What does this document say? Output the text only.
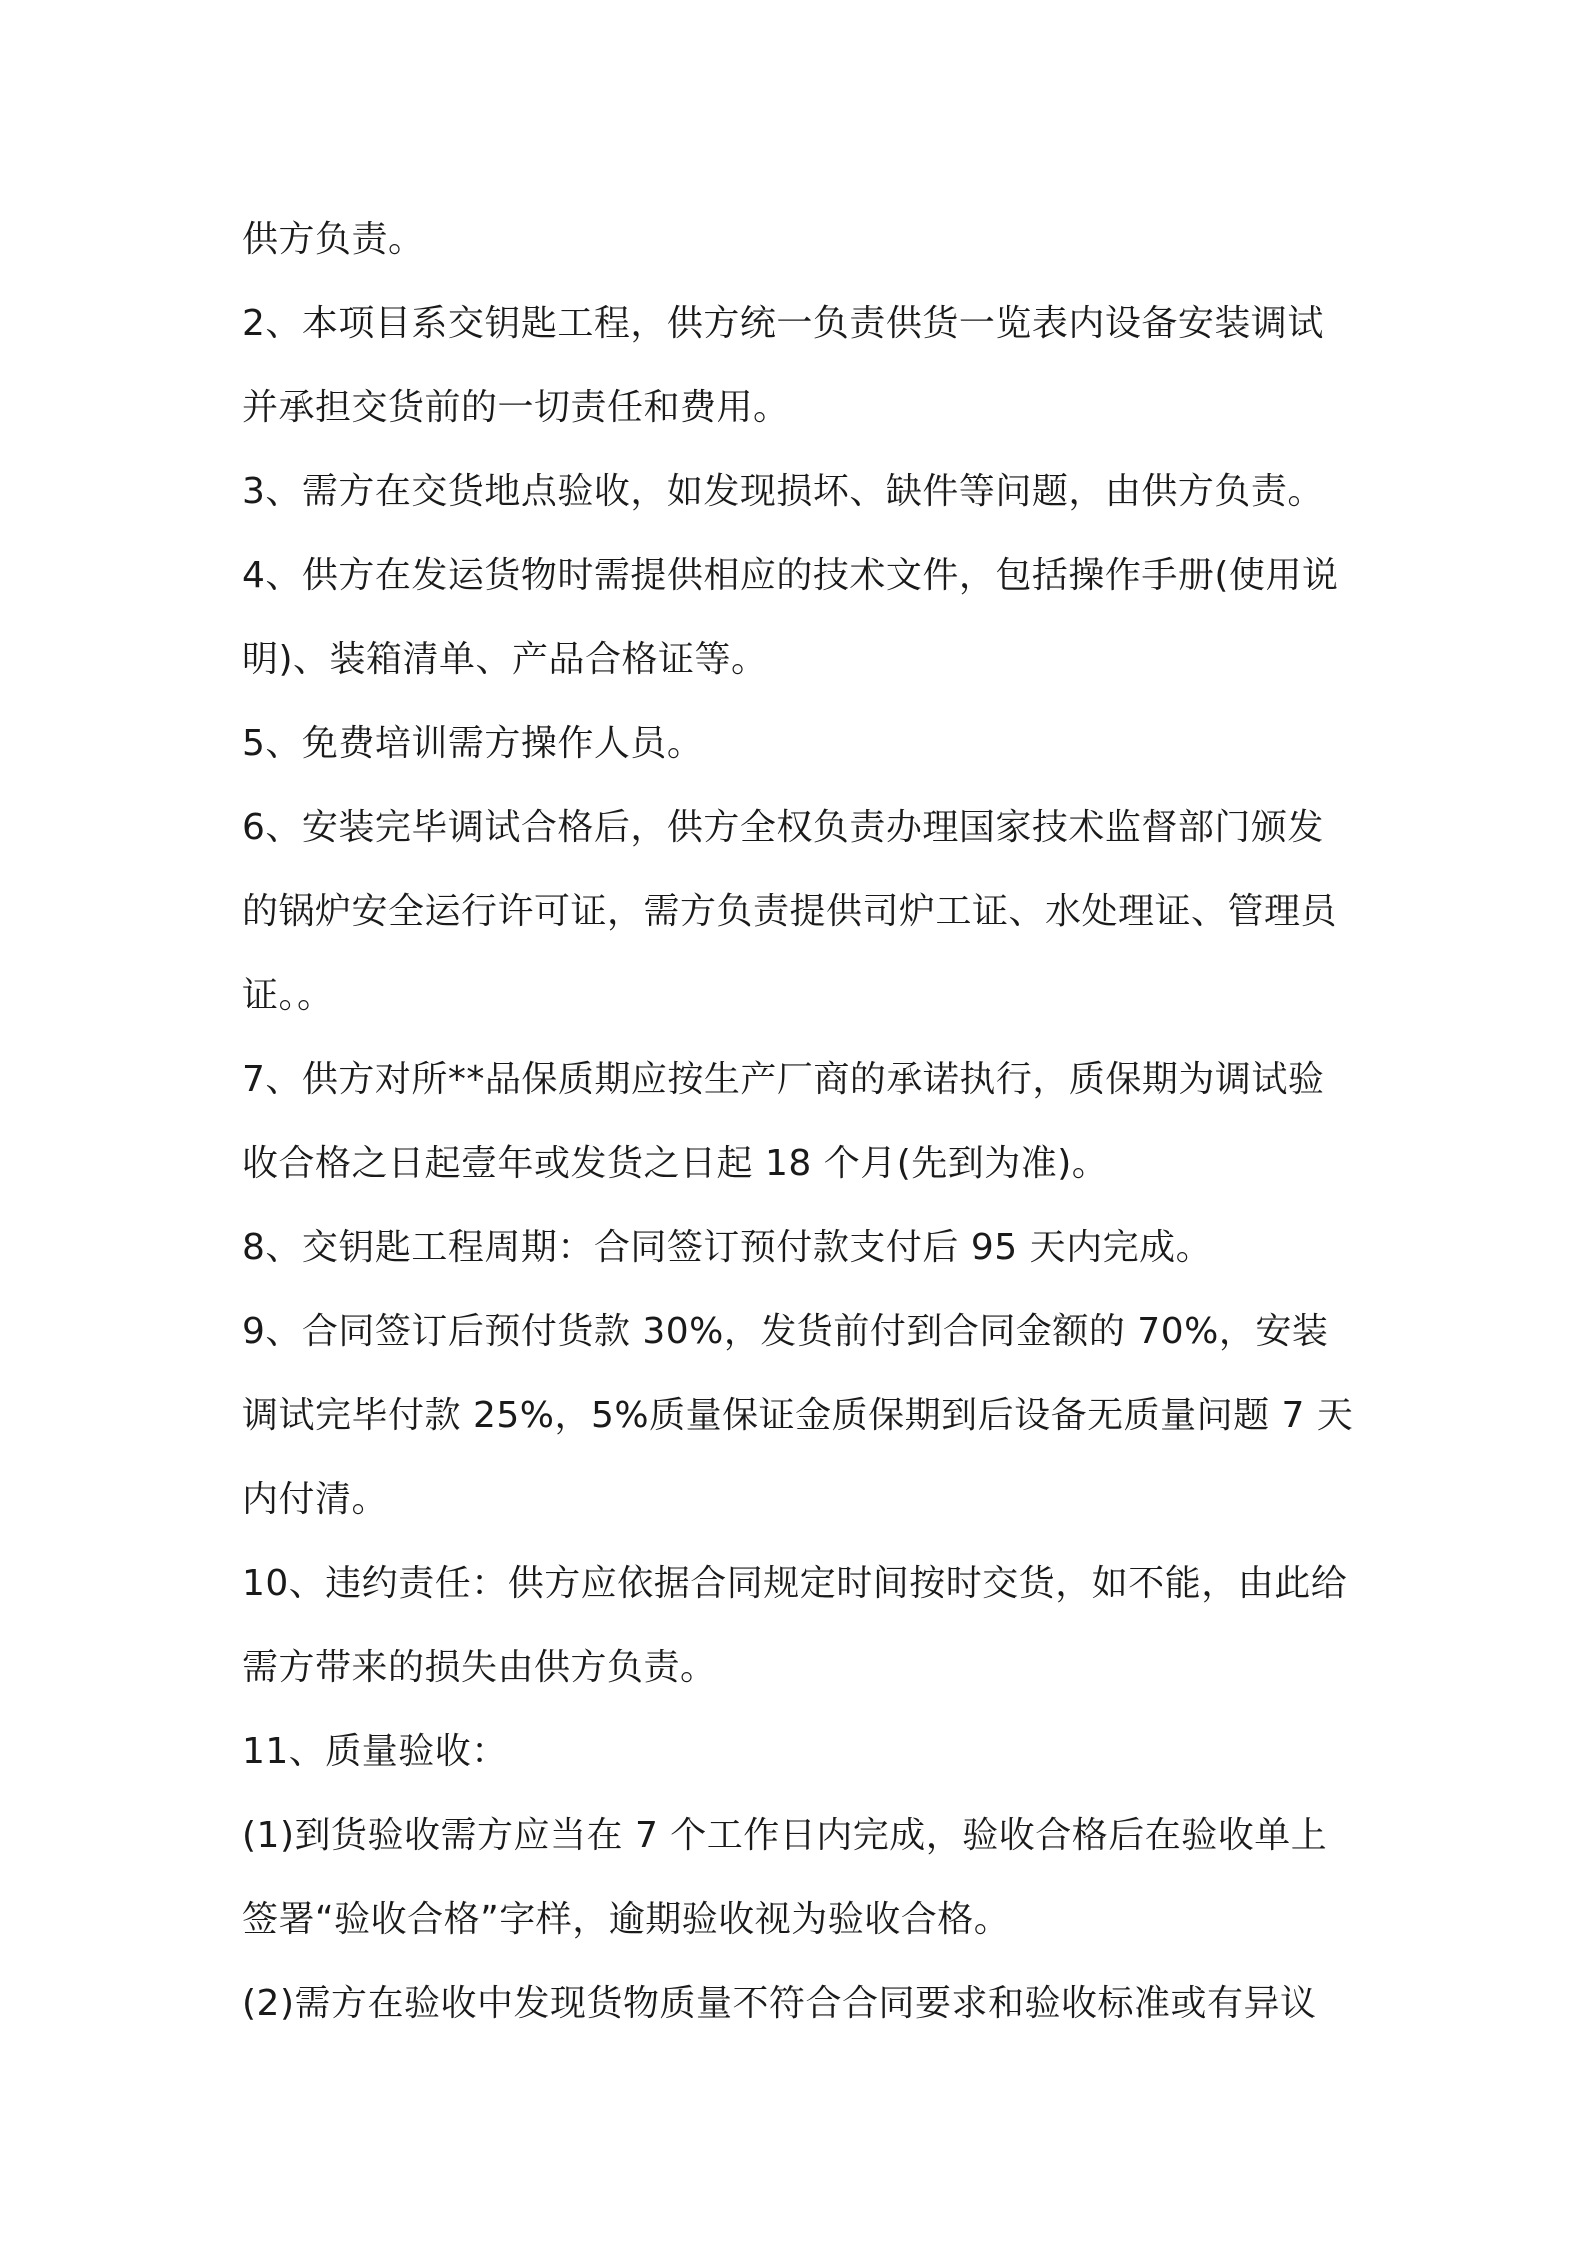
供方负责。
2、本项目系交钥匙工程，供方统一负责供货一览表内设备安装调试
并承担交货前的一切责任和费用。
3、需方在交货地点验收，如发现损坏、缺件等问题，由供方负责。
4、供方在发运货物时需提供相应的技术文件，包括操作手册(使用说
明)、装箱清单、产品合格证等。
5、免费培训需方操作人员。
6、安装完毕调试合格后，供方全权负责办理国家技术监督部门颁发
的锅炉安全运行许可证，需方负责提供司炉工证、水处理证、管理员
证。。
7、供方对所**品保质期应按生产厂商的承诺执行，质保期为调试验
收合格之日起壹年或发货之日起 18 个月(先到为准)。
8、交钥匙工程周期：合同签订预付款支付后 95 天内完成。
9、合同签订后预付货款 30%，发货前付到合同金额的 70%，安装
调试完毕付款 25%，5%质量保证金质保期到后设备无质量问题 7 天
内付清。
10、违约责任：供方应依据合同规定时间按时交货，如不能，由此给
需方带来的损失由供方负责。
11、质量验收：
(1)到货验收需方应当在 7 个工作日内完成，验收合格后在验收单上
签署“验收合格”字样，逾期验收视为验收合格。
(2)需方在验收中发现货物质量不符合合同要求和验收标准或有异议
